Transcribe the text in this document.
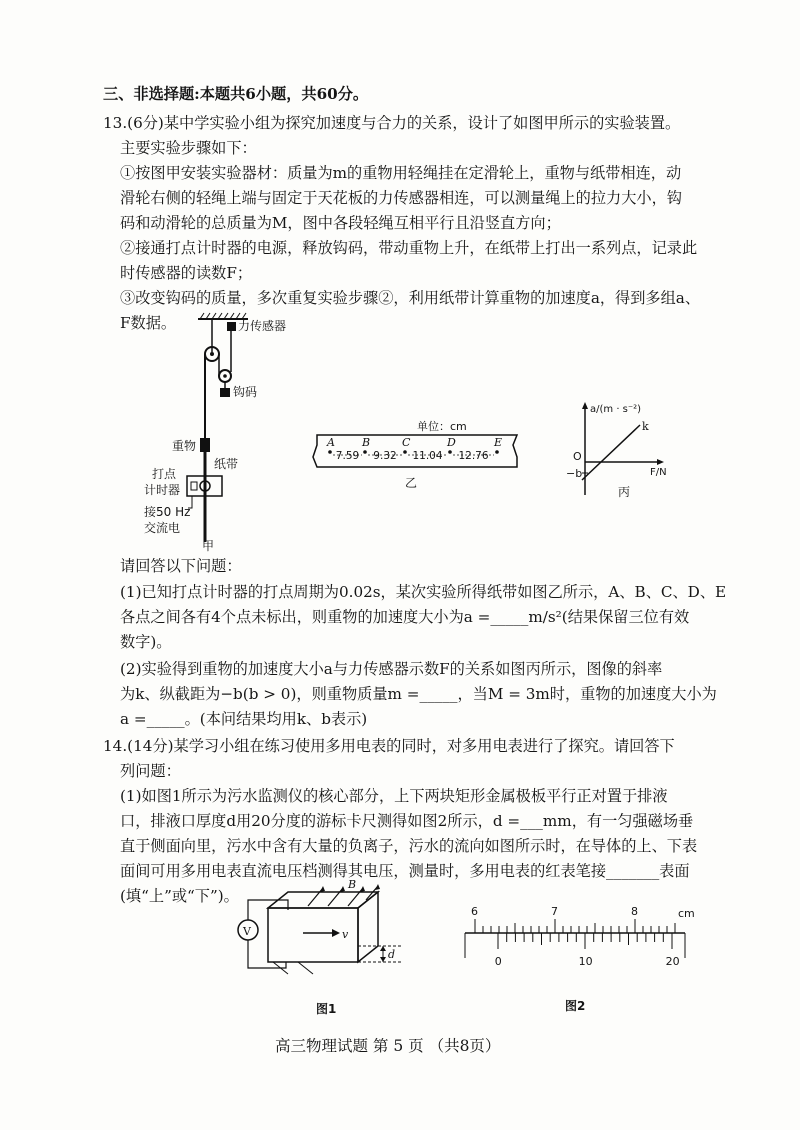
三、非选择题:本题共6小题，共60分。
13.(6分)某中学实验小组为探究加速度与合力的关系，设计了如图甲所示的实验装置。
主要实验步骤如下：
①按图甲安装实验器材：质量为m的重物用轻绳挂在定滑轮上，重物与纸带相连，动
滑轮右侧的轻绳上端与固定于天花板的力传感器相连，可以测量绳上的拉力大小，钩
码和动滑轮的总质量为M，图中各段轻绳互相平行且沿竖直方向；
②接通打点计时器的电源，释放钩码，带动重物上升，在纸带上打出一系列点，记录此
时传感器的读数F；
③改变钩码的质量，多次重复实验步骤②，利用纸带计算重物的加速度a，得到多组a、
F数据。	力传感器
钩码
重物
纸带
打点
计时器
接50 Hz
交流电
甲
单位：cm
A B	C	D	E
7.59 9.32 11.04 12.76
乙
a/(m · s⁻²)
F/N
O
−b
k
丙
请回答以下问题：
(1)已知打点计时器的打点周期为0.02s，某次实验所得纸带如图乙所示，A、B、C、D、E
各点之间各有4个点未标出，则重物的加速度大小为a =_____m/s²(结果保留三位有效
数字)。
(2)实验得到重物的加速度大小a与力传感器示数F的关系如图丙所示，图像的斜率
为k、纵截距为−b(b > 0)，则重物质量m =_____，当M = 3m时，重物的加速度大小为
a =_____。(本问结果均用k、b表示)
14.(14分)某学习小组在练习使用多用电表的同时，对多用电表进行了探究。请回答下
列问题：
(1)如图1所示为污水监测仪的核心部分，上下两块矩形金属极板平行正对置于排液
口，排液口厚度d用20分度的游标卡尺测得如图2所示，d =___mm，有一匀强磁场垂
直于侧面向里，污水中含有大量的负离子，污水的流向如图所示时，在导体的上、下表
面间可用多用电表直流电压档测得其电压，测量时，多用电表的红表笔接_______表面
(填“上”或“下”)。
V	v
B
d
图1
6	7	8	cm
0	10	20
图2
高三物理试题 第 5 页 （共8页）
